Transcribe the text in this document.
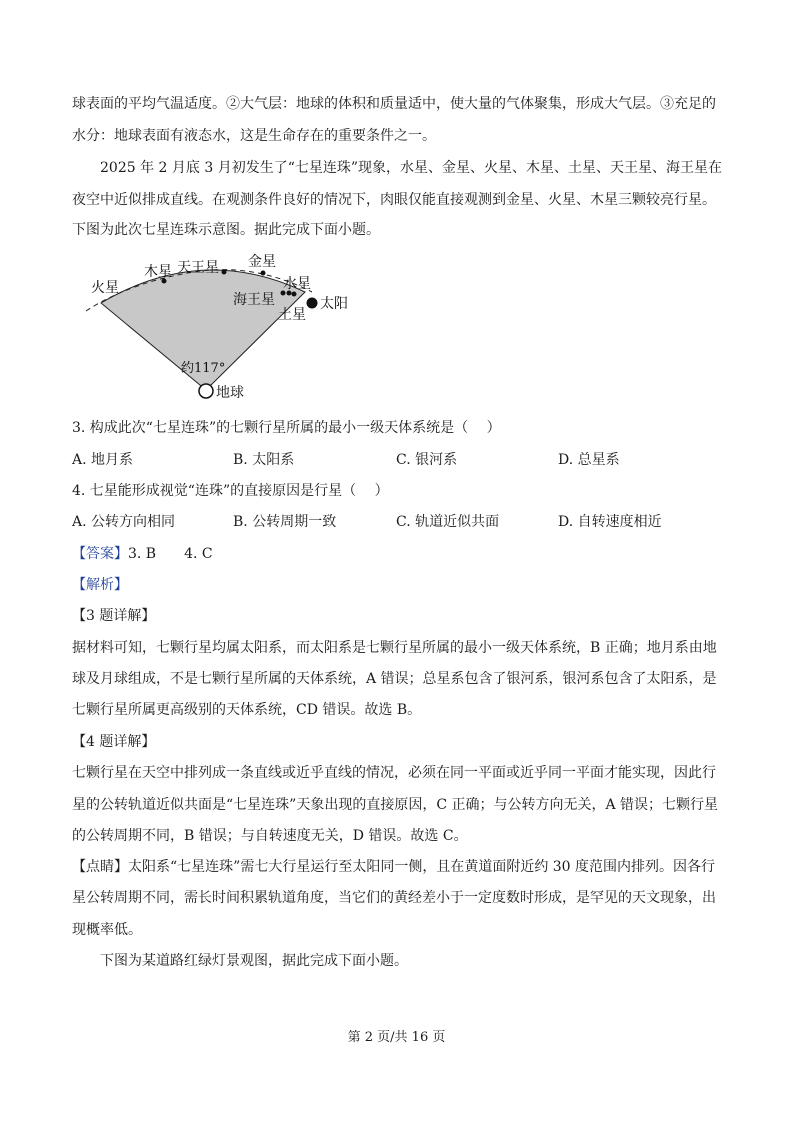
球表面的平均气温适度。②大气层：地球的体积和质量适中，使大量的气体聚集，形成大气层。③充足的
水分：地球表面有液态水，这是生命存在的重要条件之一。
2025 年 2 月底 3 月初发生了“七星连珠”现象，水星、金星、火星、木星、土星、天王星、海王星在
夜空中近似排成直线。在观测条件良好的情况下，肉眼仅能直接观测到金星、火星、木星三颗较亮行星。
下图为此次七星连珠示意图。据此完成下面小题。
火星
木星 天王星 金星
水星
海王星
土星
太阳
约117°
地球
3. 构成此次“七星连珠”的七颗行星所属的最小一级天体系统是（　 ）
A. 地月系	B. 太阳系	C. 银河系	D. 总星系
4. 七星能形成视觉“连珠”的直接原因是行星（　 ）
A. 公转方向相同	B. 公转周期一致	C. 轨道近似共面	D. 自转速度相近
【答案】3. B　　4. C
【解析】
【3 题详解】
据材料可知，七颗行星均属太阳系，而太阳系是七颗行星所属的最小一级天体系统，B 正确；地月系由地
球及月球组成，不是七颗行星所属的天体系统，A 错误；总星系包含了银河系，银河系包含了太阳系，是
七颗行星所属更高级别的天体系统，CD 错误。故选 B。
【4 题详解】
七颗行星在天空中排列成一条直线或近乎直线的情况，必须在同一平面或近乎同一平面才能实现，因此行
星的公转轨道近似共面是“七星连珠”天象出现的直接原因，C 正确；与公转方向无关，A 错误；七颗行星
的公转周期不同，B 错误；与自转速度无关，D 错误。故选 C。
【点睛】太阳系“七星连珠”需七大行星运行至太阳同一侧，且在黄道面附近约 30 度范围内排列。因各行
星公转周期不同，需长时间积累轨道角度，当它们的黄经差小于一定度数时形成，是罕见的天文现象，出
现概率低。
下图为某道路红绿灯景观图，据此完成下面小题。
第 2 页/共 16 页
